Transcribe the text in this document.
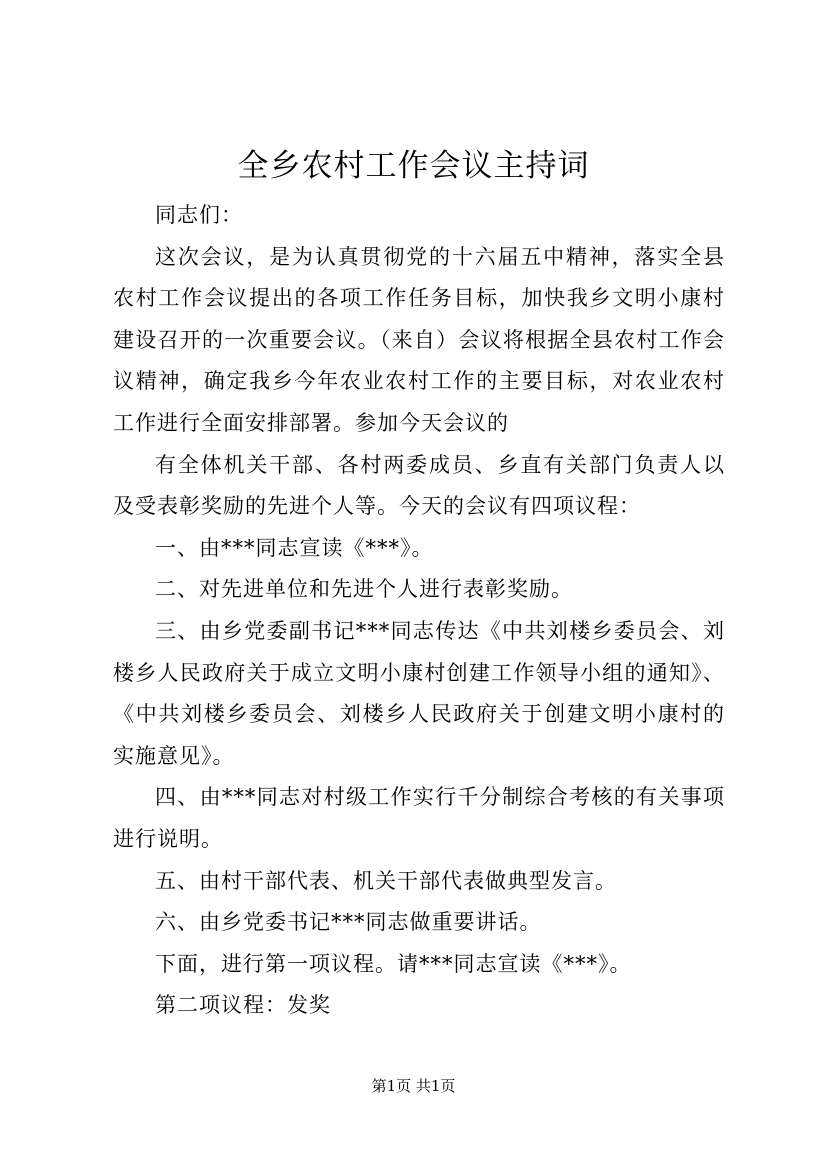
全乡农村工作会议主持词

同志们：

这次会议，是为认真贯彻党的十六届五中精神，落实全县农村工作会议提出的各项工作任务目标，加快我乡文明小康村建设召开的一次重要会议。（来自）会议将根据全县农村工作会议精神，确定我乡今年农业农村工作的主要目标，对农业农村工作进行全面安排部署。参加今天会议的

有全体机关干部、各村两委成员、乡直有关部门负责人以及受表彰奖励的先进个人等。今天的会议有四项议程：

一、由***同志宣读《***》。

二、对先进单位和先进个人进行表彰奖励。

三、由乡党委副书记***同志传达《中共刘楼乡委员会、刘楼乡人民政府关于成立文明小康村创建工作领导小组的通知》、《中共刘楼乡委员会、刘楼乡人民政府关于创建文明小康村的实施意见》。

四、由***同志对村级工作实行千分制综合考核的有关事项进行说明。

五、由村干部代表、机关干部代表做典型发言。

六、由乡党委书记***同志做重要讲话。

下面，进行第一项议程。请***同志宣读《***》。

第二项议程：发奖

第1页 共1页
